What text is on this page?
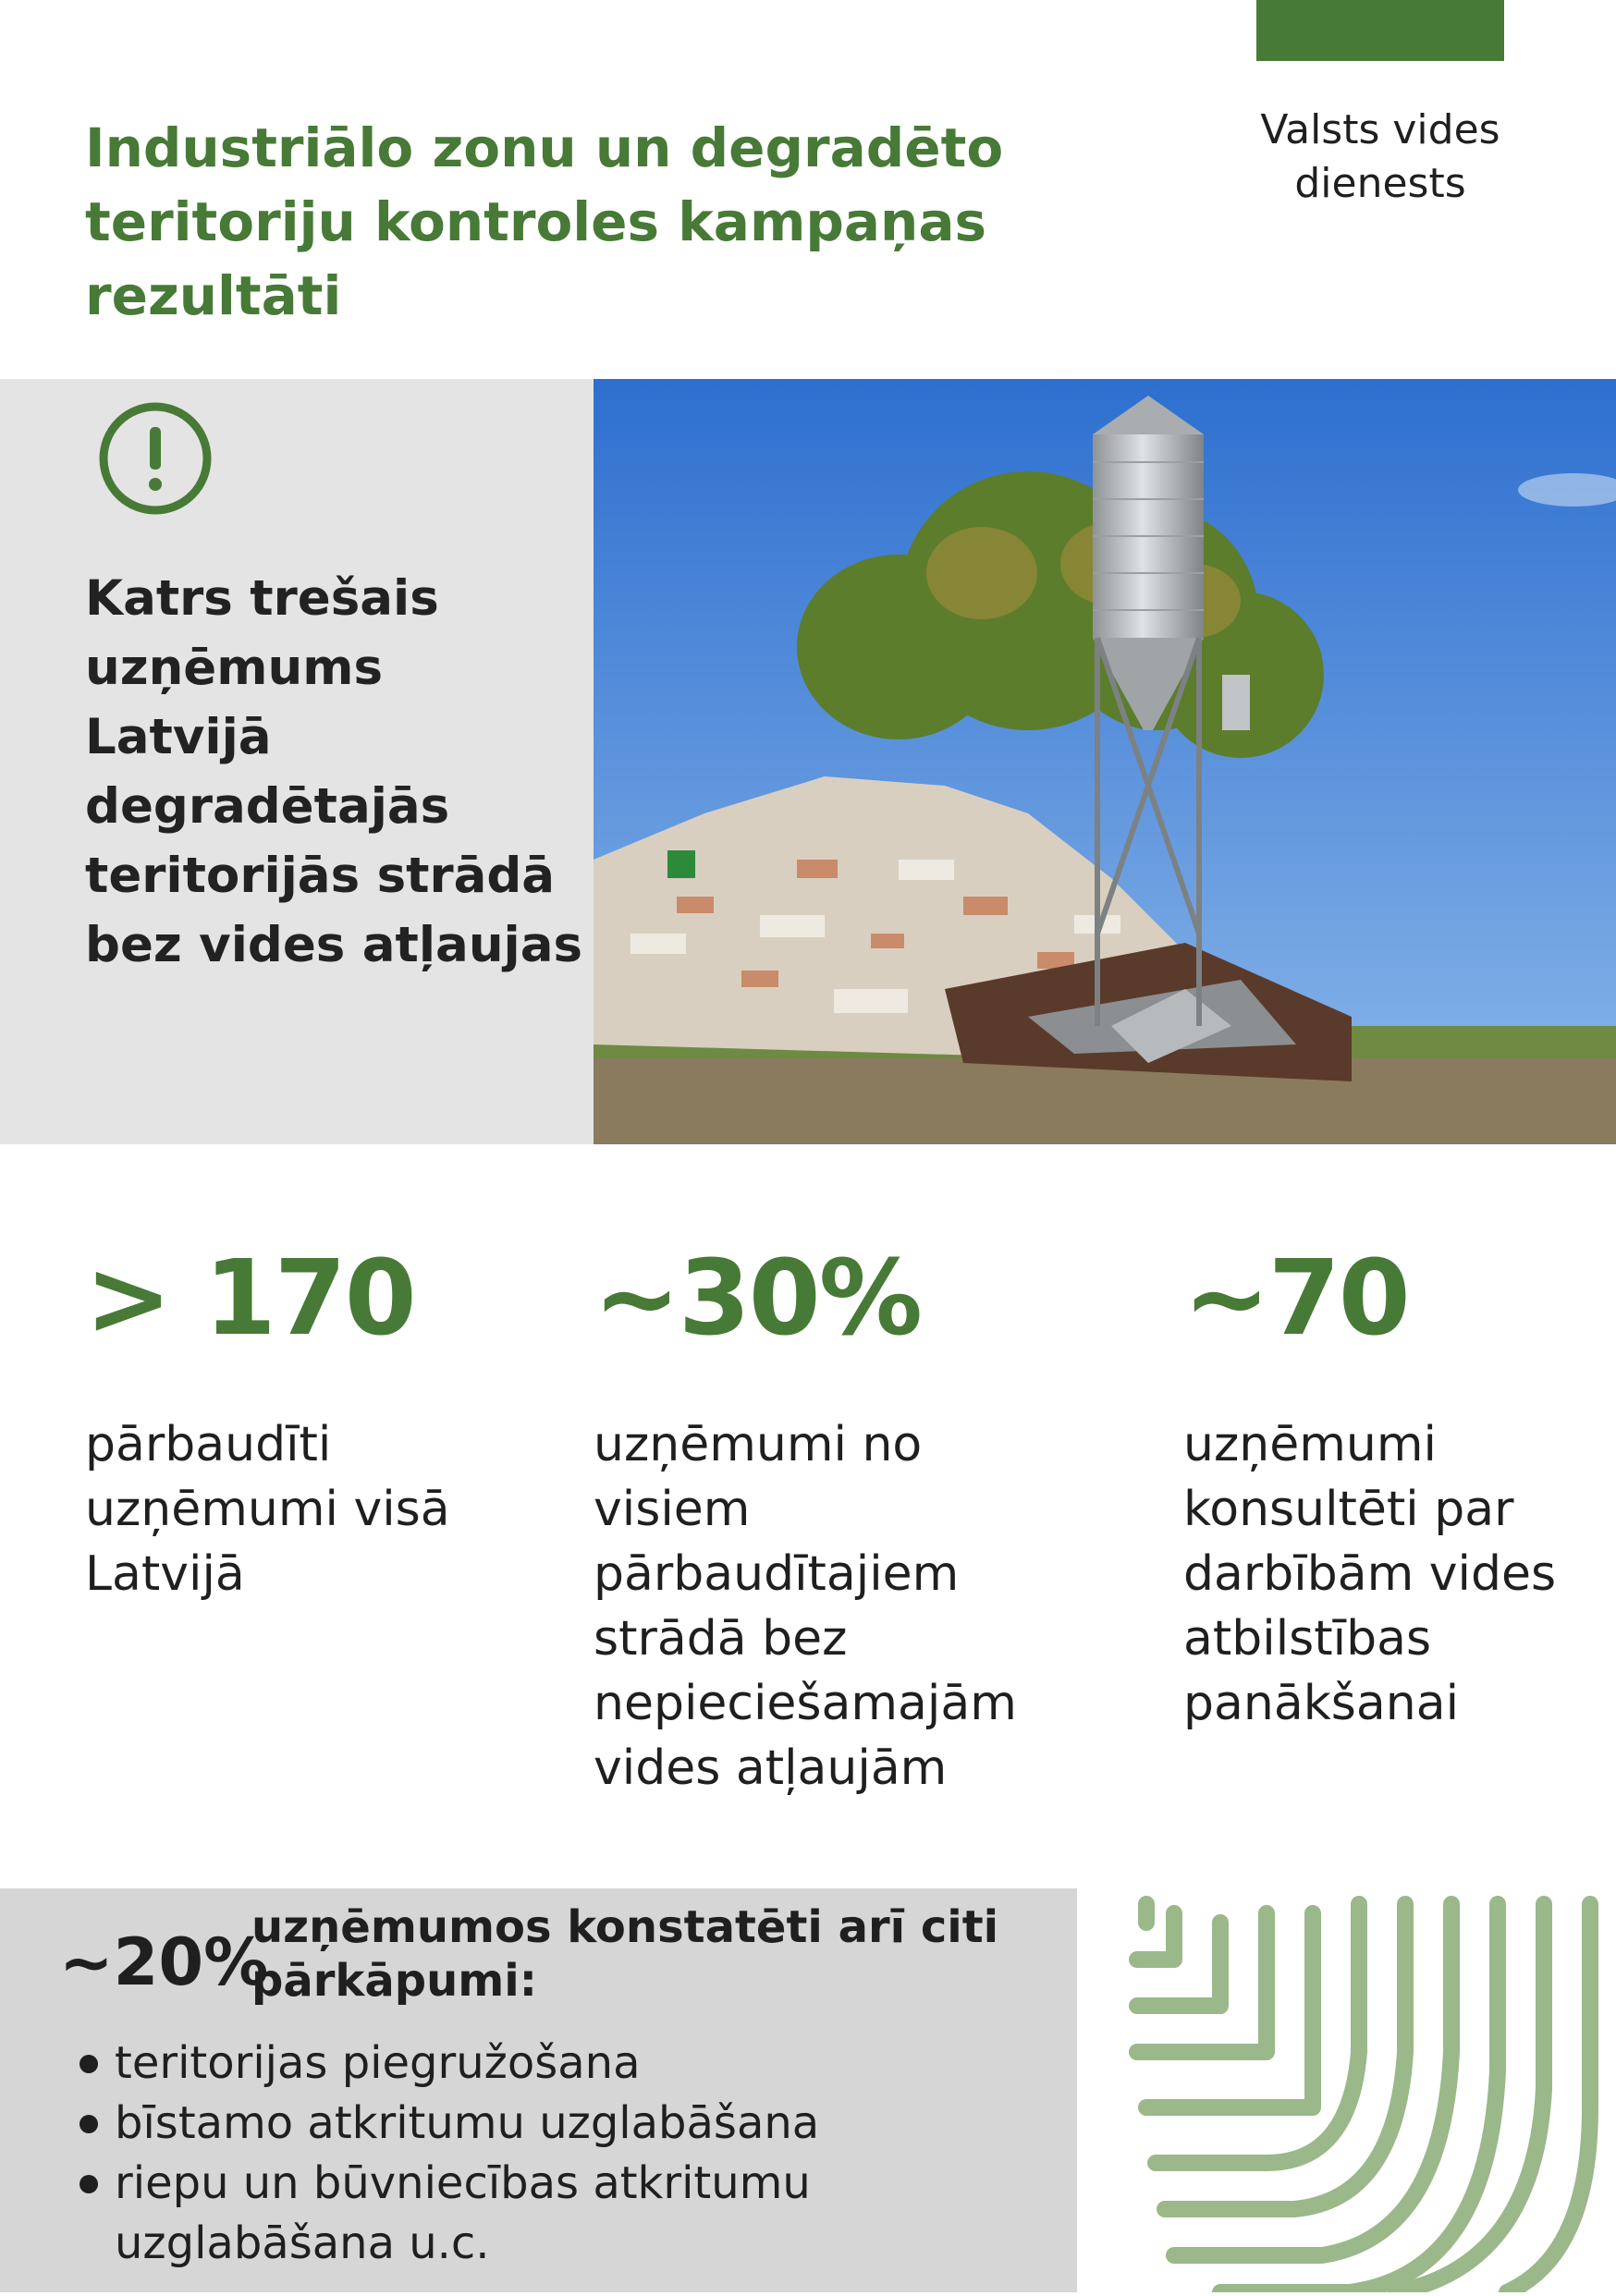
Valsts vides
dienests
Industriālo zonu un degradēto teritoriju kontroles kampaņas rezultāti
Katrs trešais uzņēmums Latvijā degradētajās teritorijās strādā bez vides atļaujas
> 170
pārbaudīti uzņēmumi visā Latvijā
~30%
uzņēmumi no visiem pārbaudītajiem strādā bez nepieciešamajām vides atļaujām
~70
uzņēmumi konsultēti par darbībām vides atbilstības panākšanai
~20%
uzņēmumos konstatēti arī citi pārkāpumi:
teritorijas piegružošana
bīstamo atkritumu uzglabāšana
riepu un būvniecības atkritumu uzglabāšana u.c.
